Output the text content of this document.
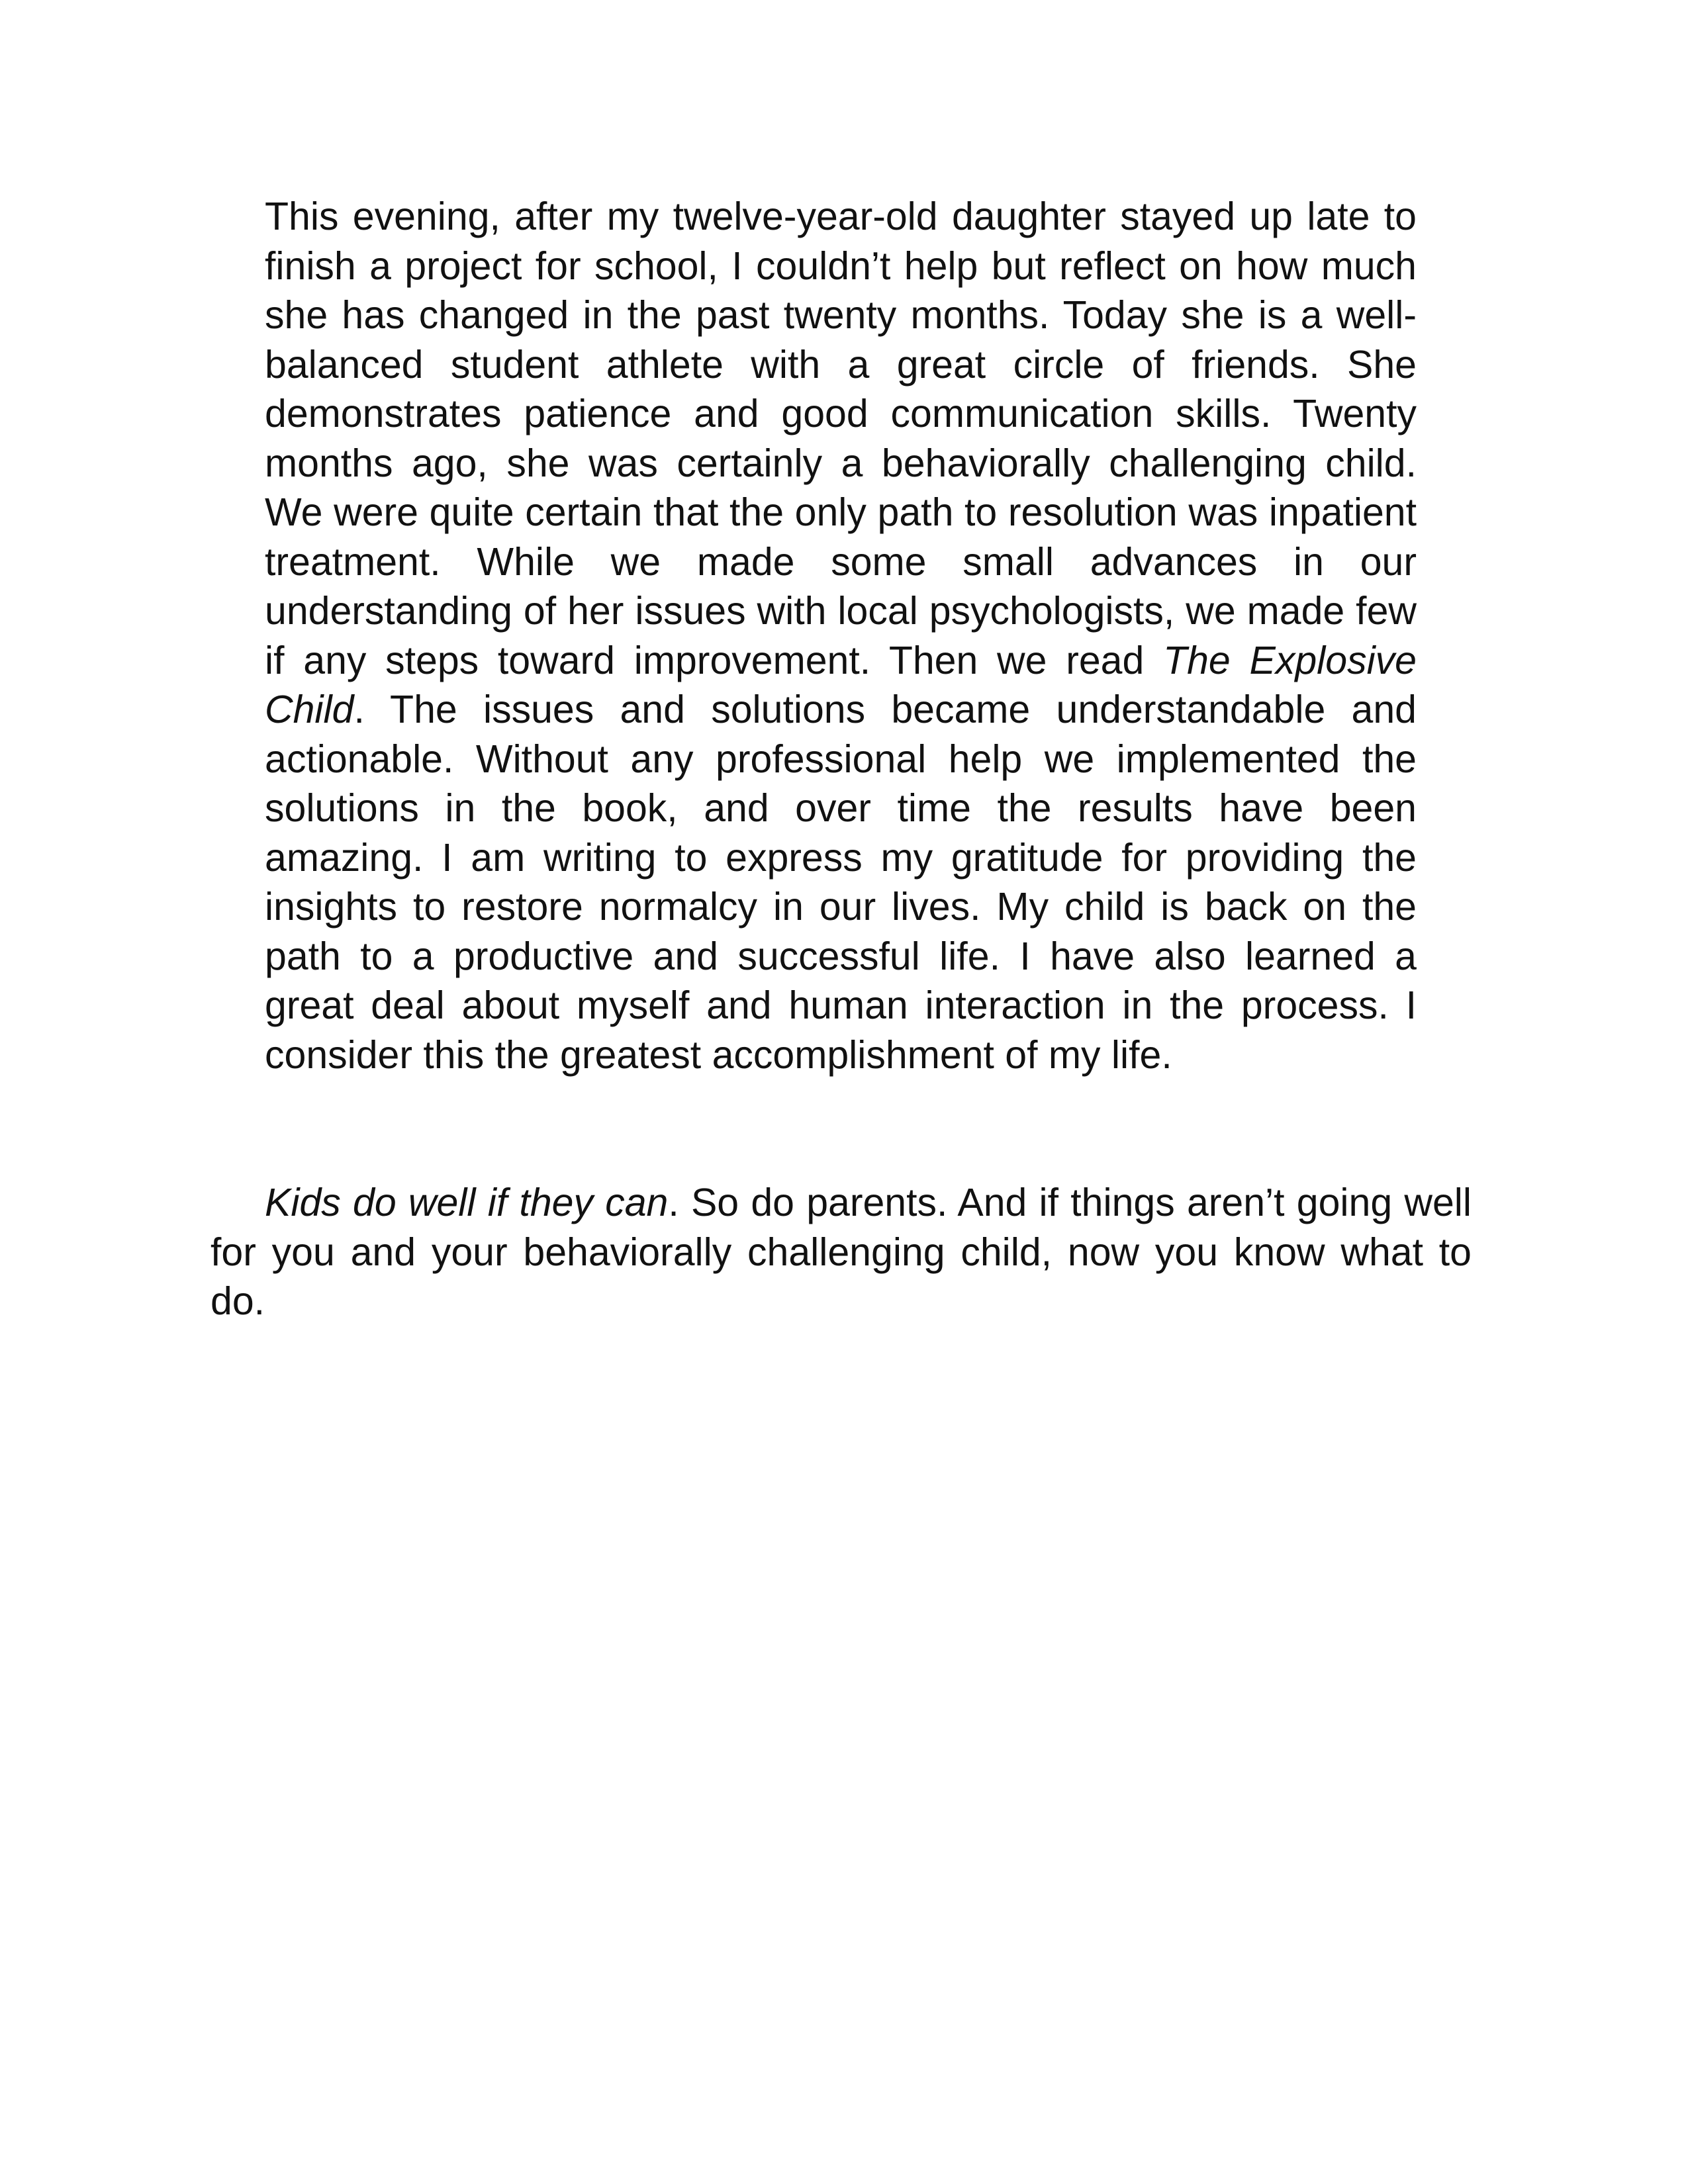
This evening, after my twelve-year-old daughter stayed up late to finish a project for school, I couldn’t help but reflect on how much she has changed in the past twenty months. Today she is a well-balanced student athlete with a great circle of friends. She demonstrates patience and good communication skills. Twenty months ago, she was certainly a behaviorally challenging child. We were quite certain that the only path to resolution was inpatient treatment. While we made some small advances in our understanding of her issues with local psychologists, we made few if any steps toward improvement. Then we read The Explosive Child. The issues and solutions became understandable and actionable. Without any professional help we implemented the solutions in the book, and over time the results have been amazing. I am writing to express my gratitude for providing the insights to restore normalcy in our lives. My child is back on the path to a productive and successful life. I have also learned a great deal about myself and human interaction in the process. I consider this the greatest accomplishment of my life.

Kids do well if they can. So do parents. And if things aren’t going well for you and your behaviorally challenging child, now you know what to do.
